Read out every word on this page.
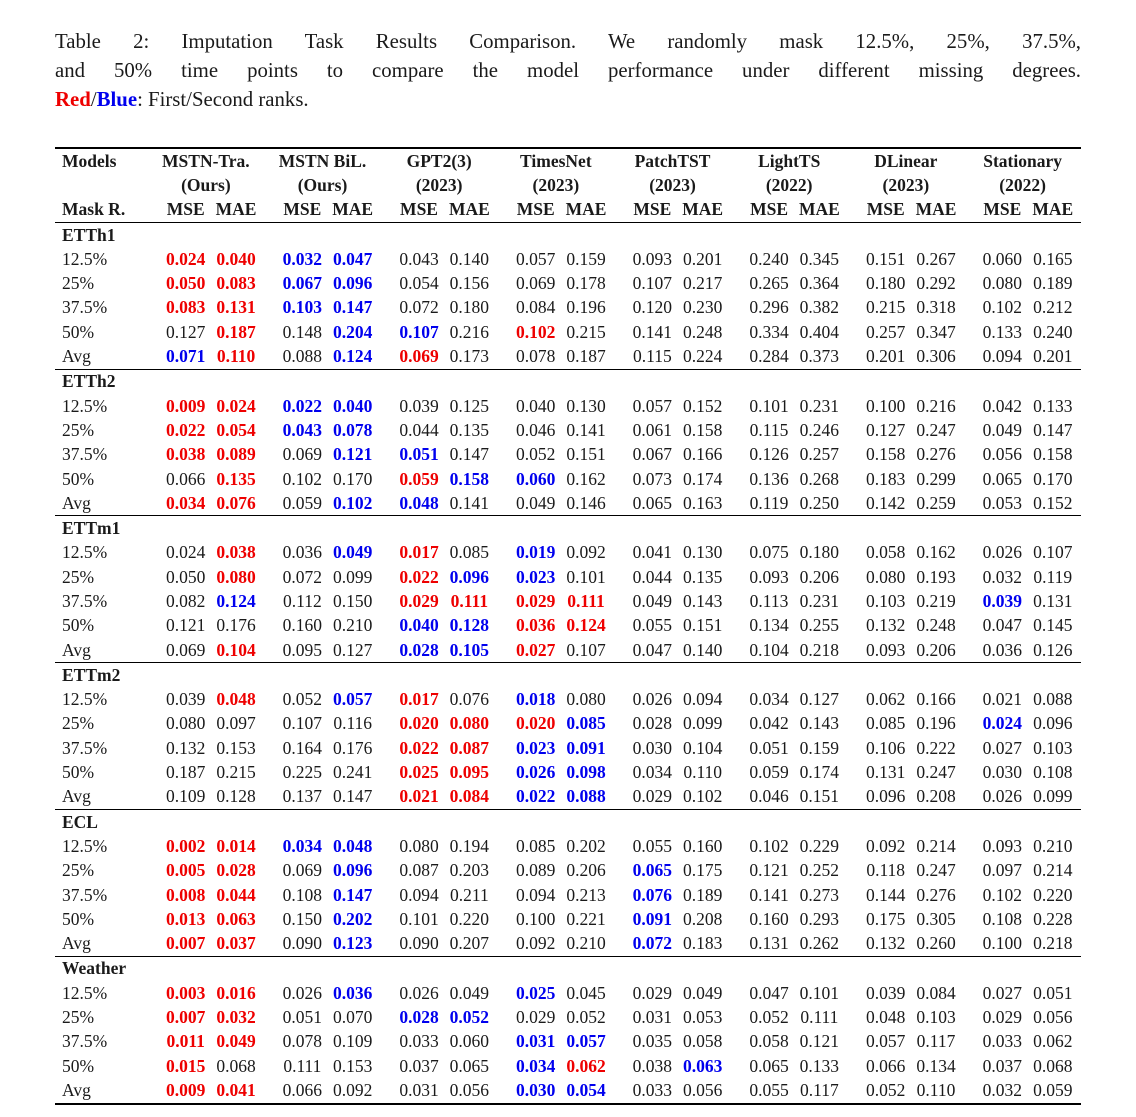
Table 2: Imputation Task Results Comparison. We randomly mask 12.5%, 25%, 37.5%,
and 50% time points to compare the model performance under different missing degrees.
Red/Blue: First/Second ranks.
Models	MSTN-Tra.		MSTN BiL.		GPT2(3)		TimesNet		PatchTST		LightTS		DLinear		Stationary	
	(Ours)		(Ours)		(2023)		(2023)		(2023)		(2022)		(2023)		(2022)	
Mask R.	MSE	MAE	MSE	MAE	MSE	MAE	MSE	MAE	MSE	MAE	MSE	MAE	MSE	MAE	MSE	MAE
ETTh1																
12.5%	0.024	0.040	0.032	0.047	0.043	0.140	0.057	0.159	0.093	0.201	0.240	0.345	0.151	0.267	0.060	0.165
25%	0.050	0.083	0.067	0.096	0.054	0.156	0.069	0.178	0.107	0.217	0.265	0.364	0.180	0.292	0.080	0.189
37.5%	0.083	0.131	0.103	0.147	0.072	0.180	0.084	0.196	0.120	0.230	0.296	0.382	0.215	0.318	0.102	0.212
50%	0.127	0.187	0.148	0.204	0.107	0.216	0.102	0.215	0.141	0.248	0.334	0.404	0.257	0.347	0.133	0.240
Avg	0.071	0.110	0.088	0.124	0.069	0.173	0.078	0.187	0.115	0.224	0.284	0.373	0.201	0.306	0.094	0.201
ETTh2																
12.5%	0.009	0.024	0.022	0.040	0.039	0.125	0.040	0.130	0.057	0.152	0.101	0.231	0.100	0.216	0.042	0.133
25%	0.022	0.054	0.043	0.078	0.044	0.135	0.046	0.141	0.061	0.158	0.115	0.246	0.127	0.247	0.049	0.147
37.5%	0.038	0.089	0.069	0.121	0.051	0.147	0.052	0.151	0.067	0.166	0.126	0.257	0.158	0.276	0.056	0.158
50%	0.066	0.135	0.102	0.170	0.059	0.158	0.060	0.162	0.073	0.174	0.136	0.268	0.183	0.299	0.065	0.170
Avg	0.034	0.076	0.059	0.102	0.048	0.141	0.049	0.146	0.065	0.163	0.119	0.250	0.142	0.259	0.053	0.152
ETTm1																
12.5%	0.024	0.038	0.036	0.049	0.017	0.085	0.019	0.092	0.041	0.130	0.075	0.180	0.058	0.162	0.026	0.107
25%	0.050	0.080	0.072	0.099	0.022	0.096	0.023	0.101	0.044	0.135	0.093	0.206	0.080	0.193	0.032	0.119
37.5%	0.082	0.124	0.112	0.150	0.029	0.111	0.029	0.111	0.049	0.143	0.113	0.231	0.103	0.219	0.039	0.131
50%	0.121	0.176	0.160	0.210	0.040	0.128	0.036	0.124	0.055	0.151	0.134	0.255	0.132	0.248	0.047	0.145
Avg	0.069	0.104	0.095	0.127	0.028	0.105	0.027	0.107	0.047	0.140	0.104	0.218	0.093	0.206	0.036	0.126
ETTm2																
12.5%	0.039	0.048	0.052	0.057	0.017	0.076	0.018	0.080	0.026	0.094	0.034	0.127	0.062	0.166	0.021	0.088
25%	0.080	0.097	0.107	0.116	0.020	0.080	0.020	0.085	0.028	0.099	0.042	0.143	0.085	0.196	0.024	0.096
37.5%	0.132	0.153	0.164	0.176	0.022	0.087	0.023	0.091	0.030	0.104	0.051	0.159	0.106	0.222	0.027	0.103
50%	0.187	0.215	0.225	0.241	0.025	0.095	0.026	0.098	0.034	0.110	0.059	0.174	0.131	0.247	0.030	0.108
Avg	0.109	0.128	0.137	0.147	0.021	0.084	0.022	0.088	0.029	0.102	0.046	0.151	0.096	0.208	0.026	0.099
ECL																
12.5%	0.002	0.014	0.034	0.048	0.080	0.194	0.085	0.202	0.055	0.160	0.102	0.229	0.092	0.214	0.093	0.210
25%	0.005	0.028	0.069	0.096	0.087	0.203	0.089	0.206	0.065	0.175	0.121	0.252	0.118	0.247	0.097	0.214
37.5%	0.008	0.044	0.108	0.147	0.094	0.211	0.094	0.213	0.076	0.189	0.141	0.273	0.144	0.276	0.102	0.220
50%	0.013	0.063	0.150	0.202	0.101	0.220	0.100	0.221	0.091	0.208	0.160	0.293	0.175	0.305	0.108	0.228
Avg	0.007	0.037	0.090	0.123	0.090	0.207	0.092	0.210	0.072	0.183	0.131	0.262	0.132	0.260	0.100	0.218
Weather																
12.5%	0.003	0.016	0.026	0.036	0.026	0.049	0.025	0.045	0.029	0.049	0.047	0.101	0.039	0.084	0.027	0.051
25%	0.007	0.032	0.051	0.070	0.028	0.052	0.029	0.052	0.031	0.053	0.052	0.111	0.048	0.103	0.029	0.056
37.5%	0.011	0.049	0.078	0.109	0.033	0.060	0.031	0.057	0.035	0.058	0.058	0.121	0.057	0.117	0.033	0.062
50%	0.015	0.068	0.111	0.153	0.037	0.065	0.034	0.062	0.038	0.063	0.065	0.133	0.066	0.134	0.037	0.068
Avg	0.009	0.041	0.066	0.092	0.031	0.056	0.030	0.054	0.033	0.056	0.055	0.117	0.052	0.110	0.032	0.059
